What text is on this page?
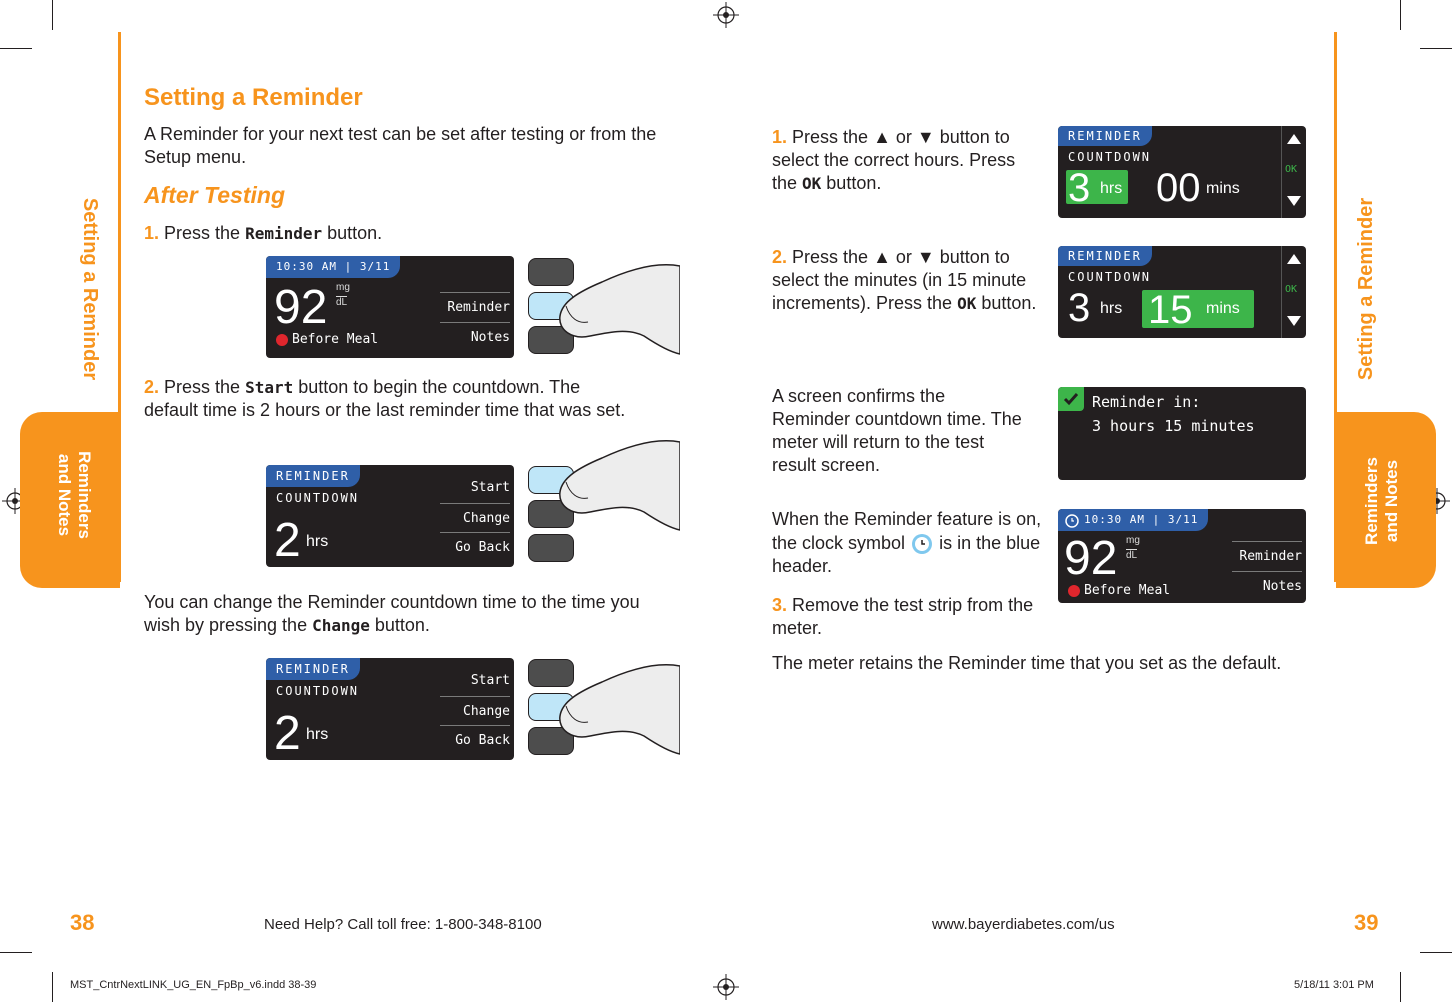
Setting a Reminder
Reminders
and Notes
Setting a Reminder
Reminders and Notes
Setting a Reminder

A Reminder for your next test can be set after testing or from the Setup menu.

After Testing

1. Press the Reminder button.

10:30 AM | 3/11
92 mg
dL
Before Meal
Reminder
Notes

2. Press the Start button to begin the countdown. The default time is 2 hours or the last reminder time that was set.

REMINDER
COUNTDOWN
2 hrs
Start
Change
Go Back

You can change the Reminder countdown time to the time you wish by pressing the Change button.

REMINDER
COUNTDOWN
2 hrs
Start
Change
Go Back

1. Press the ▲ or ▼ button to select the correct hours. Press the OK button.

REMINDER
COUNTDOWN
3 hrs 00 mins
OK

2. Press the ▲ or ▼ button to select the minutes (in 15 minute increments). Press the OK button.

REMINDER
COUNTDOWN
3 hrs 15 mins
OK

A screen confirms the Reminder countdown time. The meter will return to the test result screen.

Reminder in:
3 hours 15 minutes

When the Reminder feature is on, the clock symbol  is in the blue header.

10:30 AM | 3/11
92 mg
dL
Before Meal
Reminder
Notes

3. Remove the test strip from the meter.

The meter retains the Reminder time that you set as the default.

38	Need Help? Call toll free: 1-800-348-8100	www.bayerdiabetes.com/us	39
MST_CntrNextLINK_UG_EN_FpBp_v6.indd 38-39	5/18/11 3:01 PM
